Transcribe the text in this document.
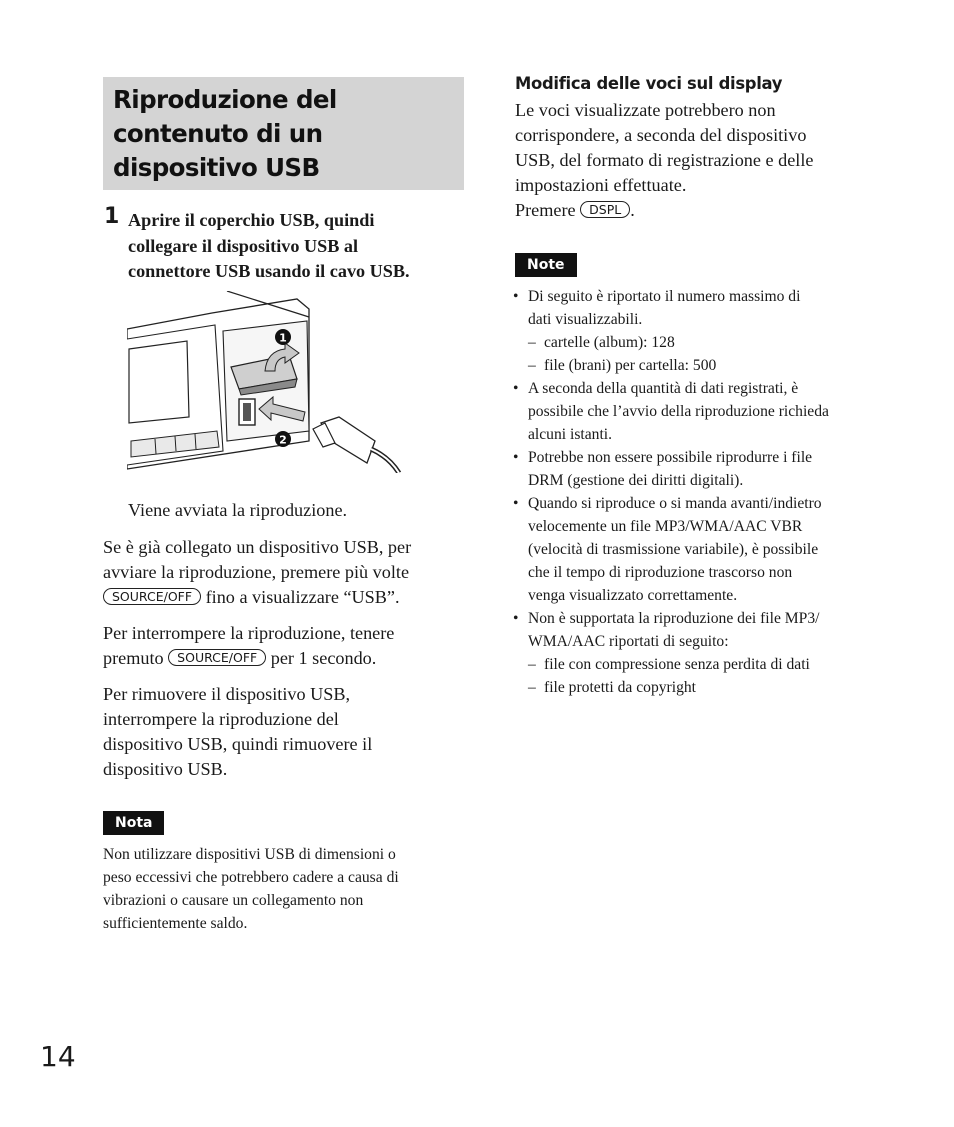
Riproduzione del
contenuto di un
dispositivo USB
1 Aprire il coperchio USB, quindi
collegare il dispositivo USB al
connettore USB usando il cavo USB.
1
2

Viene avviata la riproduzione.

Se è già collegato un dispositivo USB, per
avviare la riproduzione, premere più volte
SOURCE/OFF fino a visualizzare “USB”.

Per interrompere la riproduzione, tenere
premuto SOURCE/OFF per 1 secondo.

Per rimuovere il dispositivo USB,
interrompere la riproduzione del
dispositivo USB, quindi rimuovere il
dispositivo USB.

Nota

Non utilizzare dispositivi USB di dimensioni o
peso eccessivi che potrebbero cadere a causa di
vibrazioni o causare un collegamento non
sufficientemente saldo.

Modifica delle voci sul display

Le voci visualizzate potrebbero non
corrispondere, a seconda del dispositivo
USB, del formato di registrazione e delle
impostazioni effettuate.
Premere DSPL .

Note
• Di seguito è riportato il numero massimo di
dati visualizzabili.
– cartelle (album): 128
– file (brani) per cartella: 500
• A seconda della quantità di dati registrati, è
possibile che l’avvio della riproduzione richieda
alcuni istanti.
• Potrebbe non essere possibile riprodurre i file
DRM (gestione dei diritti digitali).
• Quando si riproduce o si manda avanti/indietro
velocemente un file MP3/WMA/AAC VBR
(velocità di trasmissione variabile), è possibile
che il tempo di riproduzione trascorso non
venga visualizzato correttamente.
• Non è supportata la riproduzione dei file MP3/
WMA/AAC riportati di seguito:
– file con compressione senza perdita di dati
– file protetti da copyright
14
